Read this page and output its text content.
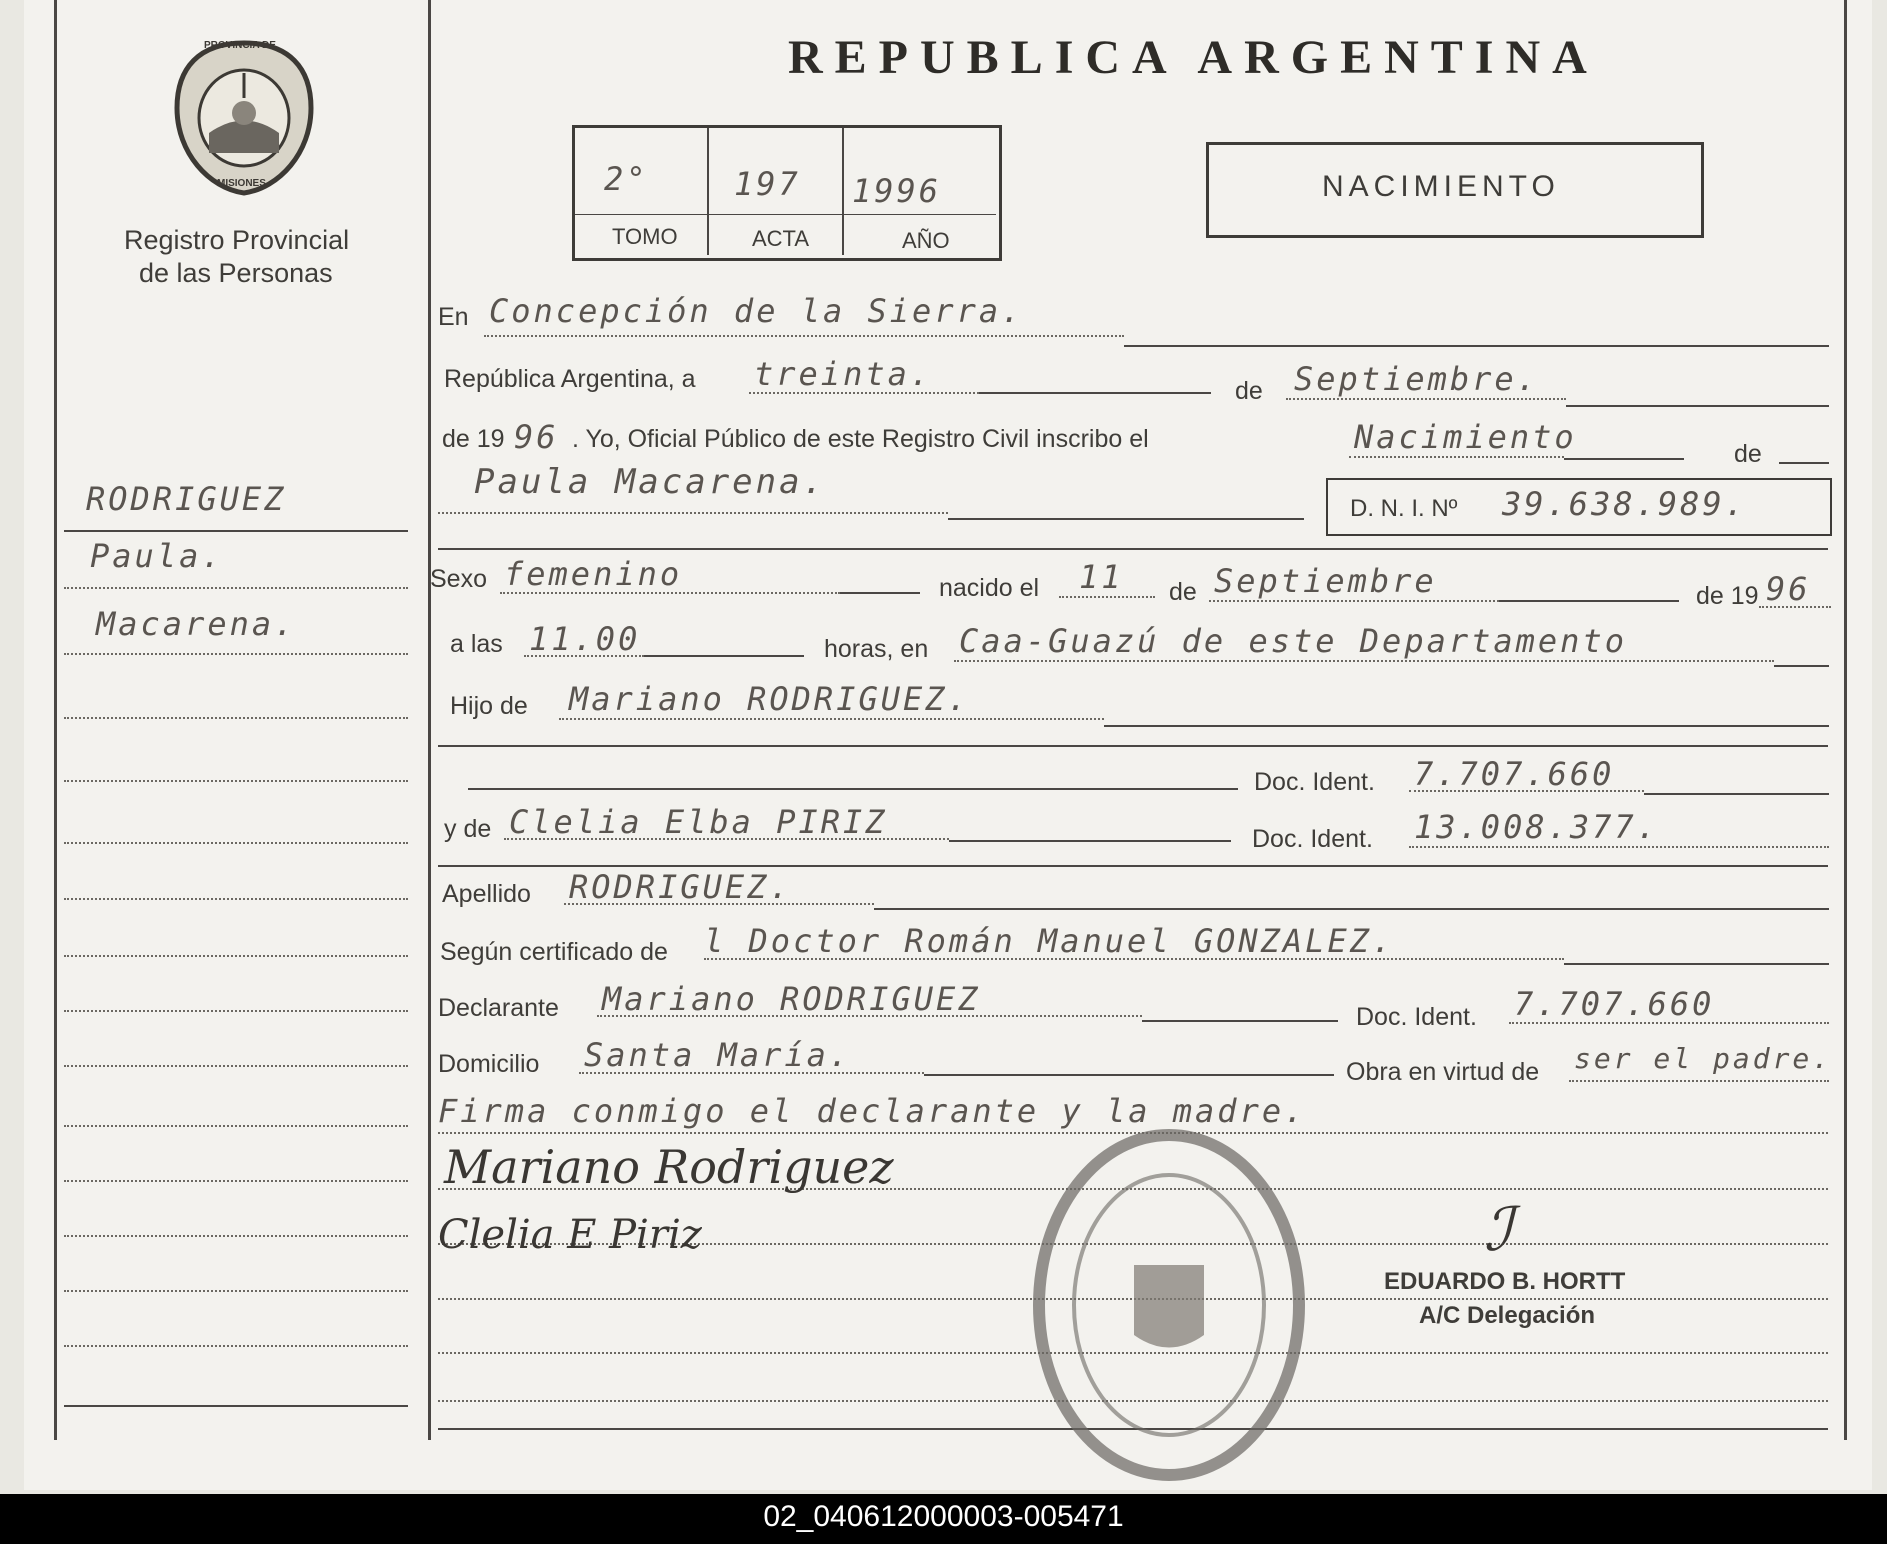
REPUBLICA ARGENTINA
PROVINCIA DE
MISIONES
Registro Provincial
de las Personas
2°	197 1996
TOMO	ACTA	AÑO
NACIMIENTO
RODRIGUEZ
Paula.
Macarena.
En Concepción de la Sierra.
República Argentina, a treinta.	de Septiembre.
de 19 96 . Yo, Oficial Público de este Registro Civil inscribo el	Nacimiento	de
Paula Macarena.
D. N. I. Nº 39.638.989.
Sexo femenino	nacido el 11 de Septiembre	de 19 96
a las 11.00	horas, en Caa-Guazú de este Departamento
Hijo de Mariano RODRIGUEZ.
Doc. Ident. 7.707.660
y de Clelia Elba PIRIZ	Doc. Ident. 13.008.377.
Apellido RODRIGUEZ.
Según certificado de l Doctor Román Manuel GONZALEZ.
Declarante Mariano RODRIGUEZ	Doc. Ident. 7.707.660
Domicilio Santa María.	Obra en virtud de ser el padre.
Firma conmigo el declarante y la madre.
Mariano Rodriguez
Clelia E Piriz	ℐ
EDUARDO B. HORTT
A/C Delegación
02_040612000003-005471
